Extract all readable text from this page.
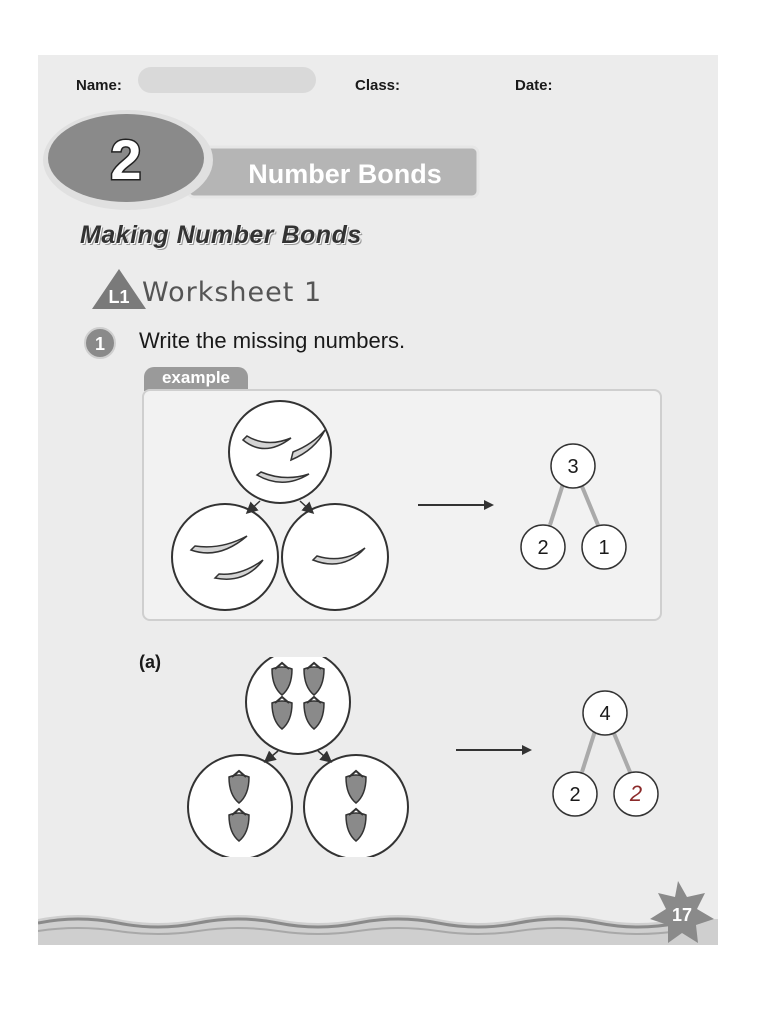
Name:	Class:	Date:
2	Number Bonds
Making Number Bonds
L1 Worksheet 1
1 Write the missing numbers.
example
3
2 1
(a)
4
2 2
17
